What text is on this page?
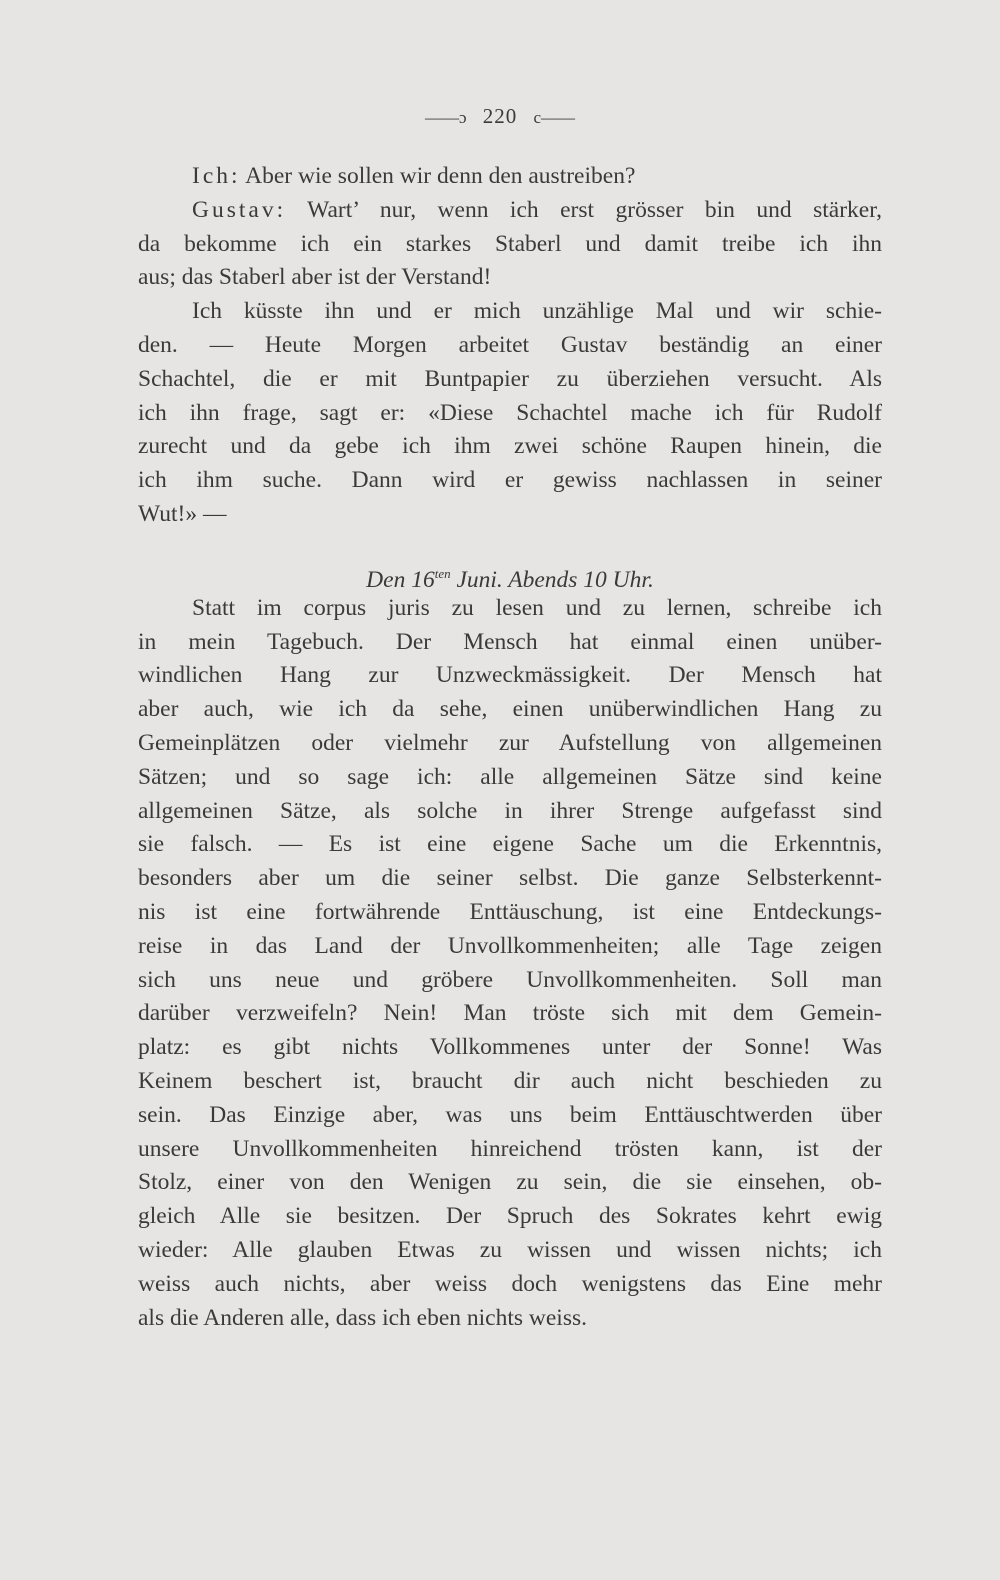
——ɔ 220 c——
Ich: Aber wie sollen wir denn den austreiben?
Gustav: Wart’ nur, wenn ich erst grösser bin und stärker,
da bekomme ich ein starkes Staberl und damit treibe ich ihn
aus; das Staberl aber ist der Verstand!
Ich küsste ihn und er mich unzählige Mal und wir schie-
den. — Heute Morgen arbeitet Gustav beständig an einer
Schachtel, die er mit Buntpapier zu überziehen versucht. Als
ich ihn frage, sagt er: «Diese Schachtel mache ich für Rudolf
zurecht und da gebe ich ihm zwei schöne Raupen hinein, die
ich ihm suche. Dann wird er gewiss nachlassen in seiner
Wut!» —
Den $16^{ten}$ Juni. Abends 10 Uhr.
Statt im corpus juris zu lesen und zu lernen, schreibe ich
in mein Tagebuch. Der Mensch hat einmal einen unüber-
windlichen Hang zur Unzweckmässigkeit. Der Mensch hat
aber auch, wie ich da sehe, einen unüberwindlichen Hang zu
Gemeinplätzen oder vielmehr zur Aufstellung von allgemeinen
Sätzen; und so sage ich: alle allgemeinen Sätze sind keine
allgemeinen Sätze, als solche in ihrer Strenge aufgefasst sind
sie falsch. — Es ist eine eigene Sache um die Erkenntnis,
besonders aber um die seiner selbst. Die ganze Selbsterkennt-
nis ist eine fortwährende Enttäuschung, ist eine Entdeckungs-
reise in das Land der Unvollkommenheiten; alle Tage zeigen
sich uns neue und gröbere Unvollkommenheiten. Soll man
darüber verzweifeln? Nein! Man tröste sich mit dem Gemein-
platz: es gibt nichts Vollkommenes unter der Sonne! Was
Keinem beschert ist, braucht dir auch nicht beschieden zu
sein. Das Einzige aber, was uns beim Enttäuschtwerden über
unsere Unvollkommenheiten hinreichend trösten kann, ist der
Stolz, einer von den Wenigen zu sein, die sie einsehen, ob-
gleich Alle sie besitzen. Der Spruch des Sokrates kehrt ewig
wieder: Alle glauben Etwas zu wissen und wissen nichts; ich
weiss auch nichts, aber weiss doch wenigstens das Eine mehr
als die Anderen alle, dass ich eben nichts weiss.
